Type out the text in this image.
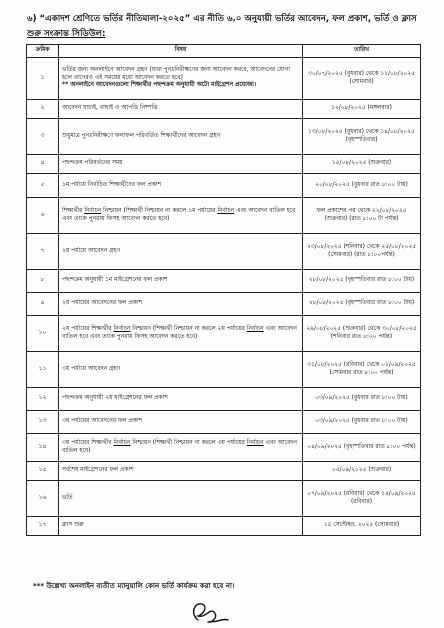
৬) “একাদশ শ্রেণিতে ভর্তির নীতিমালা-২০২৫” এর নীতি ৬.০ অনুযায়ী ভর্তির আবেদন, ফল প্রকাশ, ভর্তি ও ক্লাস
শুরু সংক্রান্ত সিডিউল:
ক্রমিক	বিষয়	তারিখ
১	ভর্তির জন্য অনলাইনে আবেদন গ্রহণ (যারা পুনঃনিরীক্ষণের জন্য আবেদন করবে, আবেদনের যোগ্য হলে তাদেরও এই সময়ের মধ্যে আবেদন করতে হবে)
** অনলাইনে আবেদনগুলো শিক্ষার্থীর পছন্দক্রম অনুযায়ী অটো মাইগ্রেশন প্রযোজ্য।	৩০/০৭/২০২৫ (বুধবার) থেকে ১১/০৮/২০২৫ (সোমবার)
২	আবেদন যাচাই, বাছাই ও আপত্তি নিষ্পত্তি	১২/০৮/২০২৫ (মঙ্গলবার)
৩	শুধুমাত্র পুনঃনিরীক্ষণে ফলাফল পরিবর্তিত শিক্ষার্থীদের আবেদন গ্রহণ	১৩/০৮/২০২৫ (বুধবার) থেকে ১৪/০৮/২০২৫ (বৃহস্পতিবার)
৪	পছন্দক্রম পরিবর্তনের সময়	১৫/০৮/২০২৫ (শুক্রবার)
৫	১ম পর্যায়ে নির্বাচিত শিক্ষার্থীদের ফল প্রকাশ	২০/০৮/২০২৫ (বুধবার রাত ৮:০০ টায়)
৬	শিক্ষার্থীর নির্বাচন নিশ্চায়ন (শিক্ষার্থী নিশ্চায়ন না করলে ১ম পর্যায়ের নির্বাচন এবং আবেদন বাতিল হবে এবং তাকে পুনরায় ফিসহ আবেদন করতে হবে)	ফল প্রকাশের পর থেকে ২২/০৮/২০২৫ (শুক্রবার) (রাত ৮:০০ টা পর্যন্ত)
৭	২য় পর্যায়ে আবেদন গ্রহণ	২৩/০৮/২০২৫ (শনিবার) থেকে ২৫/০৮/২০২৫ (সোমবার) (রাত ৮:০০পর্যন্ত)
৮	পছন্দক্রম অনুযায়ী ১ম মাইগ্রেশনের ফল প্রকাশ	২৮/০৮/২০২৫ (বৃহস্পতিবার রাত ৮:০০ টায়)
৯	২য় পর্যায়ের আবেদনের ফল প্রকাশ	২৮/০৮/২০২৫ (বৃহস্পতিবার রাত ৮:০০ টায়)
১০	২য় পর্যায়ের শিক্ষার্থীর নির্বাচন নিশ্চায়ন (শিক্ষার্থী নিশ্চায়ন না করলে ২য় পর্যায়ের নির্বাচন এবং আবেদন বাতিল হবে এবং তাকে পুনরায় ফিসহ আবেদন করতে হবে)	২৯/০৮/২০২৫ (শুক্রবার) থেকে ৩০/০৮/২০২৫ (শনিবার রাত ৮:০০ পর্যন্ত)
১১	৩য় পর্যায়ে আবেদন গ্রহণ	৩১/০৮/২০২৫ (রবিবার) থেকে ০১/০৯/২০২৫ (সোমবার রাত ৮:০০ পর্যন্ত)
১২	পছন্দক্রম অনুযায়ী ২য় মাইগ্রেশনের ফল প্রকাশ	০৩/০৯/২০২৫ (বুধবার রাত ৮:০০ টায়)
১৩	৩য় পর্যায়ের আবেদনের ফল প্রকাশ	০৩/০৯/২০২৫ (বুধবার রাত ৮:০০ টায়)
১৪	৩য় পর্যায়ের শিক্ষার্থীর নির্বাচন নিশ্চায়ন (শিক্ষার্থী নিশ্চায়ন না করলে ৩য় পর্যায়ের নির্বাচন এবং আবেদন বাতিল হবে)	০৪/০৯/২০২৫ (বৃহস্পতিবার রাত ৮:০০ পর্যন্ত)
১৫	সর্বশেষ মাইগ্রেশনের ফল প্রকাশ	০৫/০৯/২০২৫ (শুক্রবার)
১৬	ভর্তি	০৭/০৯/২০২৫ (রবিবার) থেকে ১৪/০৯/২০২৫ (রবিবার)
১৭	ক্লাস শুরু	১৫ সেপ্টেম্বর, ২০২৫ (সোমবার)
*** উল্লেখ্য অনলাইন ব্যতীত ম্যানুয়ালি কোন ভর্তি কার্যক্রম করা হবে না।
